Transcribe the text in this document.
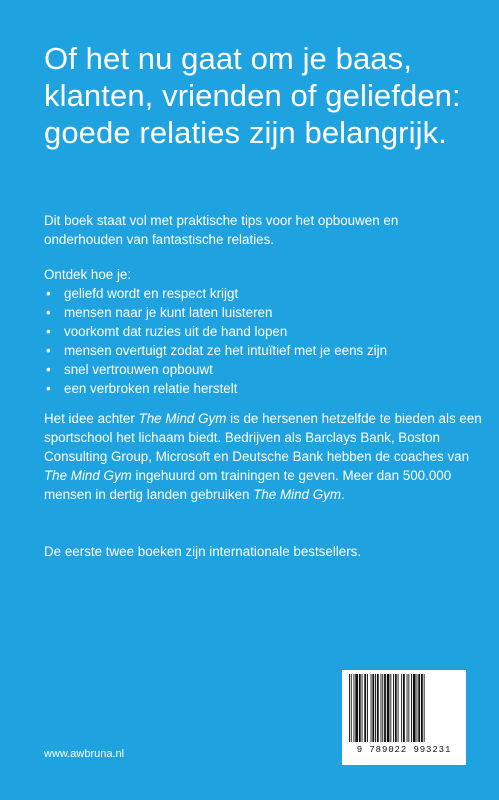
Of het nu gaat om je baas, klanten, vrienden of geliefden: goede relaties zijn belangrijk.

Dit boek staat vol met praktische tips voor het opbouwen en onderhouden van fantastische relaties.

Ontdek hoe je:

• geliefd wordt en respect krijgt
• mensen naar je kunt laten luisteren
• voorkomt dat ruzies uit de hand lopen
• mensen overtuigt zodat ze het intuïtief met je eens zijn
• snel vertrouwen opbouwt
• een verbroken relatie herstelt

Het idee achter The Mind Gym is de hersenen hetzelfde te bieden als een sportschool het lichaam biedt. Bedrijven als Barclays Bank, Boston Consulting Group, Microsoft en Deutsche Bank hebben de coaches van The Mind Gym ingehuurd om trainingen te geven. Meer dan 500.000 mensen in dertig landen gebruiken The Mind Gym.

De eerste twee boeken zijn internationale bestsellers.

www.awbruna.nl	9 789022 993231
